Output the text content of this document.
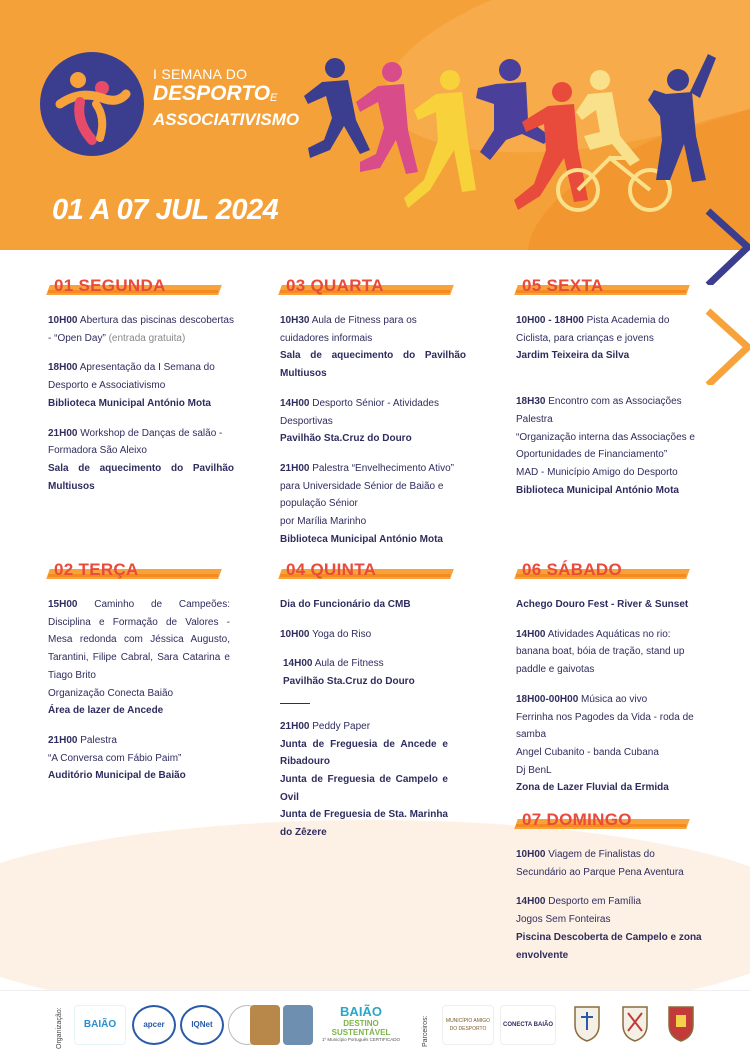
I SEMANA DO
DESPORTO E
ASSOCIATIVISMO
01 A 07 JUL 2024
01 SEGUNDA
10H00 Abertura das piscinas descobertas - “Open Day” (entrada gratuita)
18H00 Apresentação da I Semana do Desporto e Associativismo
Biblioteca Municipal António Mota
21H00 Workshop de Danças de salão - Formadora São Aleixo
Sala de aquecimento do Pavilhão Multiusos
02 TERÇA
15H00 Caminho de Campeões: Disciplina e Formação de Valores - Mesa redonda com Jéssica Augusto, Tarantini, Filipe Cabral, Sara Catarina e Tiago Brito
Organização Conecta Baião
Área de lazer de Ancede
21H00 Palestra
“A Conversa com Fábio Paim”
Auditório Municipal de Baião
03 QUARTA
10H30 Aula de Fitness para os cuidadores informais
Sala de aquecimento do Pavilhão Multiusos
14H00 Desporto Sénior - Atividades Desportivas
Pavilhão Sta.Cruz do Douro
21H00 Palestra “Envelhecimento Ativo” para Universidade Sénior de Baião e população Sénior
por Marília Marinho
Biblioteca Municipal António Mota
04 QUINTA
Dia do Funcionário da CMB
10H00 Yoga do Riso
14H00 Aula de Fitness
Pavilhão Sta.Cruz do Douro
21H00 Peddy Paper
Junta de Freguesia de Ancede e Ribadouro
Junta de Freguesia de Campelo e Ovil
Junta de Freguesia de Sta. Marinha do Zêzere
05 SEXTA
10H00 - 18H00 Pista Academia do Ciclista, para crianças e jovens
Jardim Teixeira da Silva
18H30 Encontro com as Associações
Palestra
“Organização interna das Associações e Oportunidades de Financiamento”
MAD - Município Amigo do Desporto
Biblioteca Municipal António Mota
06 SÁBADO
Achego Douro Fest - River & Sunset
14H00 Atividades Aquáticas no rio: banana boat, bóia de tração, stand up paddle e gaivotas
18H00-00H00 Música ao vivo
Ferrinha nos Pagodes da Vida - roda de samba
Angel Cubanito - banda Cubana
Dj BenL
Zona de Lazer Fluvial da Ermida
07 DOMINGO
10H00 Viagem de Finalistas do Secundário ao Parque Pena Aventura
14H00 Desporto em Família
Jogos Sem Fonteiras
Piscina Descoberta de Campelo e zona envolvente
Organização:	BAIÃO	apcer	IQNet
BAIÃO
DESTINO
SUSTENTÁVEL
1º Município Português CERTIFICADO	Parceiros:	MUNICÍPIO AMIGO DO DESPORTO
CONECTA BAIÃO
